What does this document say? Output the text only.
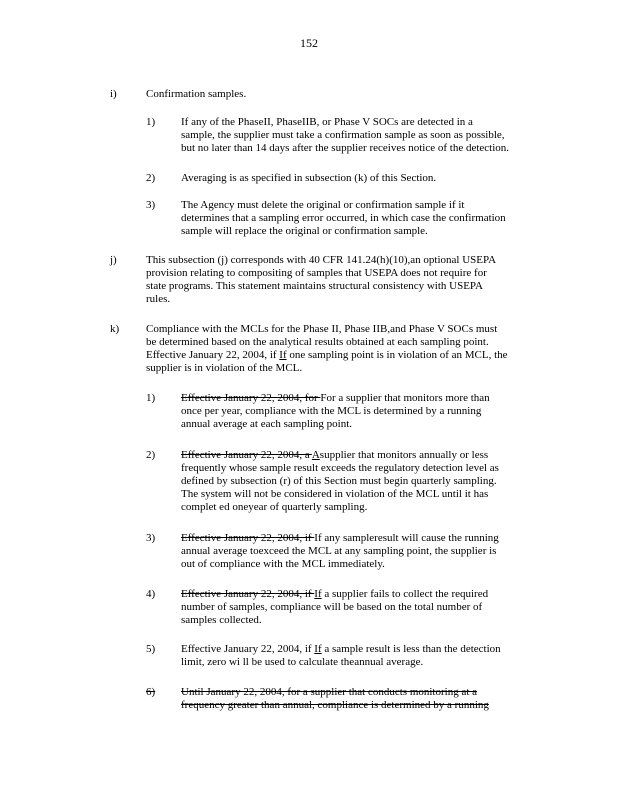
152
i)	Confirmation samples.
1) If any of the PhaseII, PhaseIIB, or Phase V SOCs are detected in a
sample, the supplier must take a confirmation sample as soon as possible,
but no later than 14 days after the supplier receives notice of the detection.
2) Averaging is as specified in subsection (k) of this Section.
3) The Agency must delete the original or confirmation sample if it
determines that a sampling error occurred, in which case the confirmation
sample will replace the original or confirmation sample.
j)	This subsection (j) corresponds with 40 CFR 141.24(h)(10),an optional USEPA
provision relating to compositing of samples that USEPA does not require for
state programs. This statement maintains structural consistency with USEPA
rules.
k) Compliance with the MCLs for the Phase II, Phase IIB,and Phase V SOCs must
be determined based on the analytical results obtained at each sampling point.
Effective January 22, 2004, if If one sampling point is in violation of an MCL, the
supplier is in violation of the MCL.
1) Effective January 22, 2004, for For a supplier that monitors more than
once per year, compliance with the MCL is determined by a running
annual average at each sampling point.
2) Effective January 22, 2004, a Asupplier that monitors annually or less
frequently whose sample result exceeds the regulatory detection level as
defined by subsection (r) of this Section must begin quarterly sampling.
The system will not be considered in violation of the MCL until it has
complet ed oneyear of quarterly sampling.
3) Effective January 22, 2004, if If any sampleresult will cause the running
annual average toexceed the MCL at any sampling point, the supplier is
out of compliance with the MCL immediately.
4) Effective January 22, 2004, if If a supplier fails to collect the required
number of samples, compliance will be based on the total number of
samples collected.
5) Effective January 22, 2004, if If a sample result is less than the detection
limit, zero wi ll be used to calculate theannual average.
6) Until January 22, 2004, for a supplier that conducts monitoring at a
frequency greater than annual, compliance is determined by a running
